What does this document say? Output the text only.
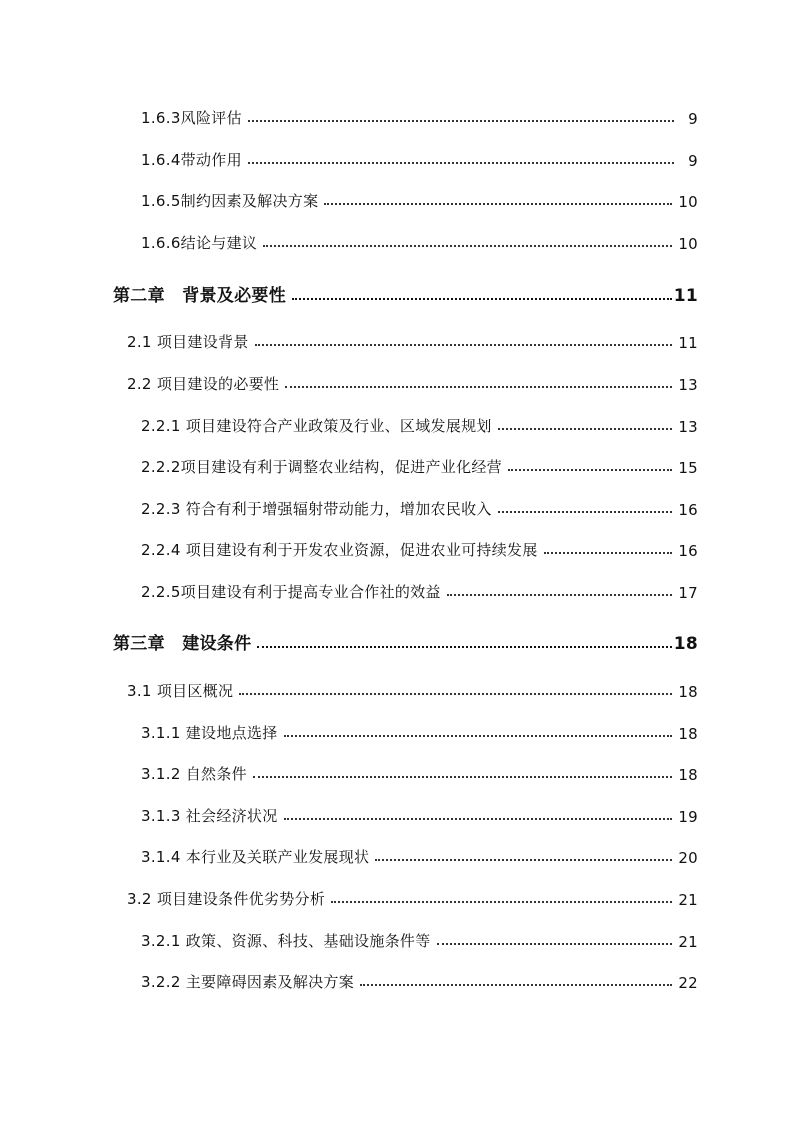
1.6.3风险评估	9
1.6.4带动作用	9
1.6.5制约因素及解决方案	10
1.6.6结论与建议	10
第二章　背景及必要性	11
2.1 项目建设背景	11
2.2 项目建设的必要性	13
2.2.1 项目建设符合产业政策及行业、区域发展规划	13
2.2.2项目建设有利于调整农业结构，促进产业化经营	15
2.2.3 符合有利于增强辐射带动能力，增加农民收入	16
2.2.4 项目建设有利于开发农业资源，促进农业可持续发展	16
2.2.5项目建设有利于提高专业合作社的效益	17
第三章　建设条件	18
3.1 项目区概况	18
3.1.1 建设地点选择	18
3.1.2 自然条件	18
3.1.3 社会经济状况	19
3.1.4 本行业及关联产业发展现状	20
3.2 项目建设条件优劣势分析	21
3.2.1 政策、资源、科技、基础设施条件等	21
3.2.2 主要障碍因素及解决方案	22
